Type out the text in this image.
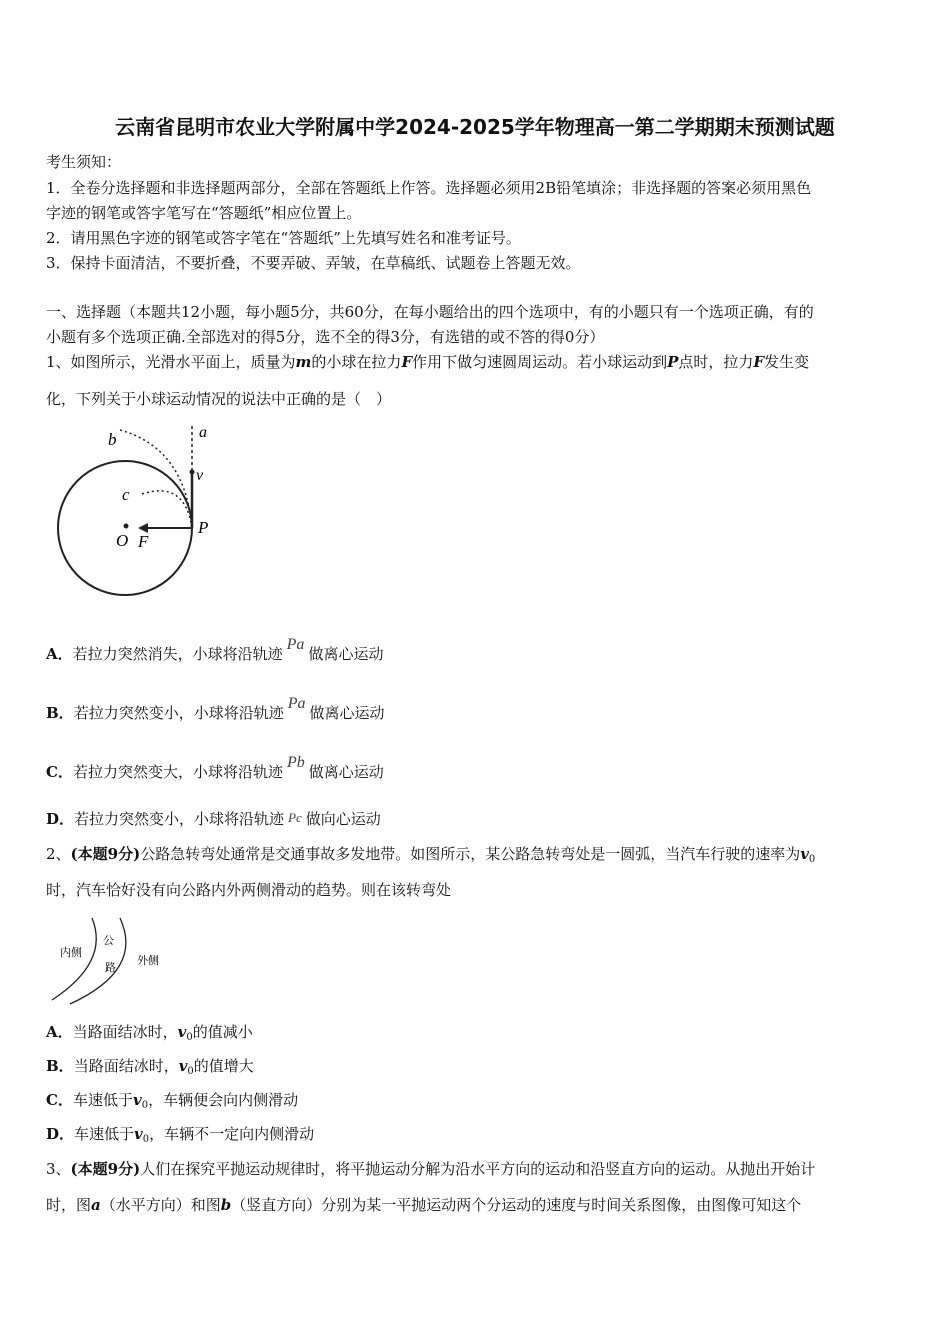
云南省昆明市农业大学附属中学2024-2025学年物理高一第二学期期末预测试题
考生须知：
1．全卷分选择题和非选择题两部分，全部在答题纸上作答。选择题必须用2B铅笔填涂；非选择题的答案必须用黑色
字迹的钢笔或答字笔写在“答题纸”相应位置上。
2．请用黑色字迹的钢笔或答字笔在“答题纸”上先填写姓名和准考证号。
3．保持卡面清洁，不要折叠，不要弄破、弄皱，在草稿纸、试题卷上答题无效。
一、选择题（本题共12小题，每小题5分，共60分，在每小题给出的四个选项中，有的小题只有一个选项正确，有的
小题有多个选项正确.全部选对的得5分，选不全的得3分，有选错的或不答的得0分）
1、如图所示，光滑水平面上，质量为m的小球在拉力F作用下做匀速圆周运动。若小球运动到P点时，拉力F发生变
化，下列关于小球运动情况的说法中正确的是（　）
a
b
c
v
P
O F
A．若拉力突然消失，小球将沿轨迹Pa做离心运动
B．若拉力突然变小，小球将沿轨迹Pa做离心运动
C．若拉力突然变大，小球将沿轨迹Pb做离心运动
D．若拉力突然变小，小球将沿轨迹 Pc 做向心运动
2、(本题9分)公路急转弯处通常是交通事故多发地带。如图所示，某公路急转弯处是一圆弧，当汽车行驶的速率为$v_0$
时，汽车恰好没有向公路内外两侧滑动的趋势。则在该转弯处
内侧
公
路
外侧
A．当路面结冰时，$v_0$的值减小
B．当路面结冰时，$v_0$的值增大
C．车速低于$v_0$，车辆便会向内侧滑动
D．车速低于$v_0$，车辆不一定向内侧滑动
3、(本题9分)人们在探究平抛运动规律时，将平抛运动分解为沿水平方向的运动和沿竖直方向的运动。从抛出开始计
时，图a（水平方向）和图b（竖直方向）分别为某一平抛运动两个分运动的速度与时间关系图像，由图像可知这个
